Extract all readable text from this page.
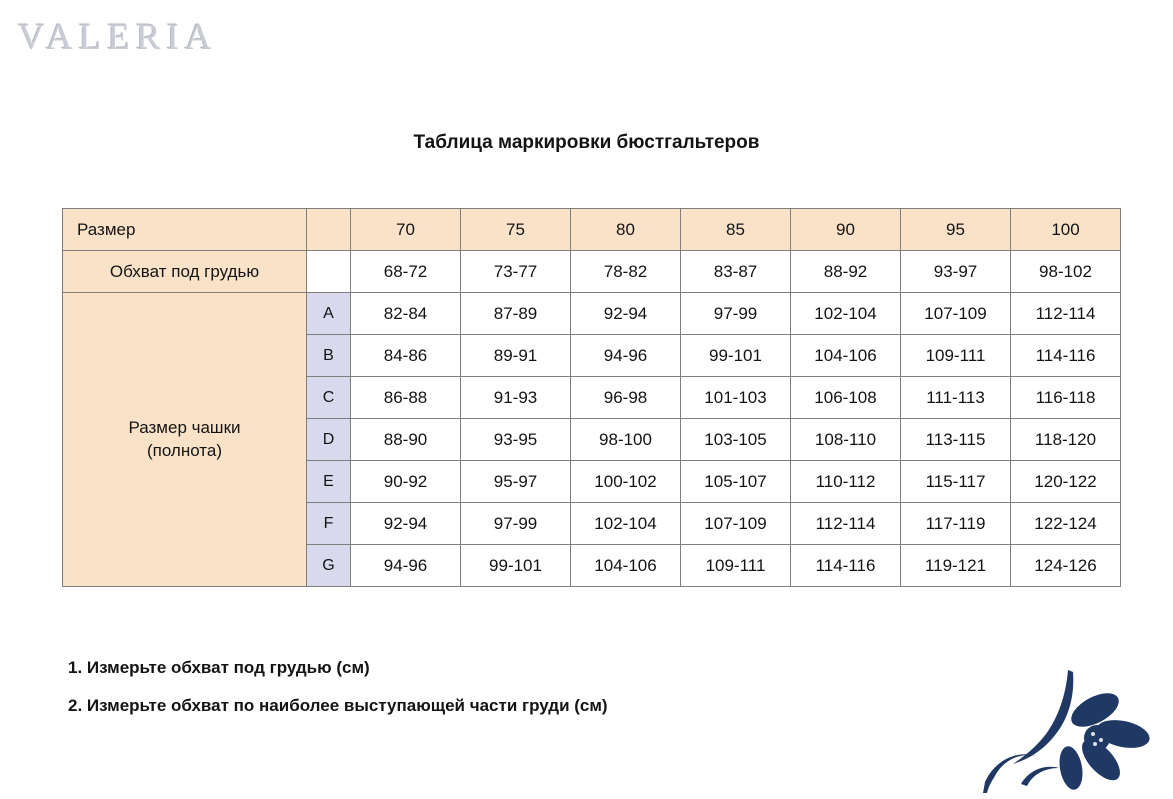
VALERIA
Таблица маркировки бюстгальтеров
Размер		70	75	80	85	90	95	100
Обхват под грудью		68-72	73-77	78-82	83-87	88-92	93-97	98-102
Размер чашки
(полнота)	A	82-84	87-89	92-94	97-99	102-104	107-109	112-114
	B	84-86	89-91	94-96	99-101	104-106	109-111	114-116
	C	86-88	91-93	96-98	101-103	106-108	111-113	116-118
	D	88-90	93-95	98-100	103-105	108-110	113-115	118-120
	E	90-92	95-97	100-102	105-107	110-112	115-117	120-122
	F	92-94	97-99	102-104	107-109	112-114	117-119	122-124
	G	94-96	99-101	104-106	109-111	114-116	119-121	124-126
1. Измерьте обхват под грудью (см)
2. Измерьте обхват по наиболее выступающей части груди (см)
